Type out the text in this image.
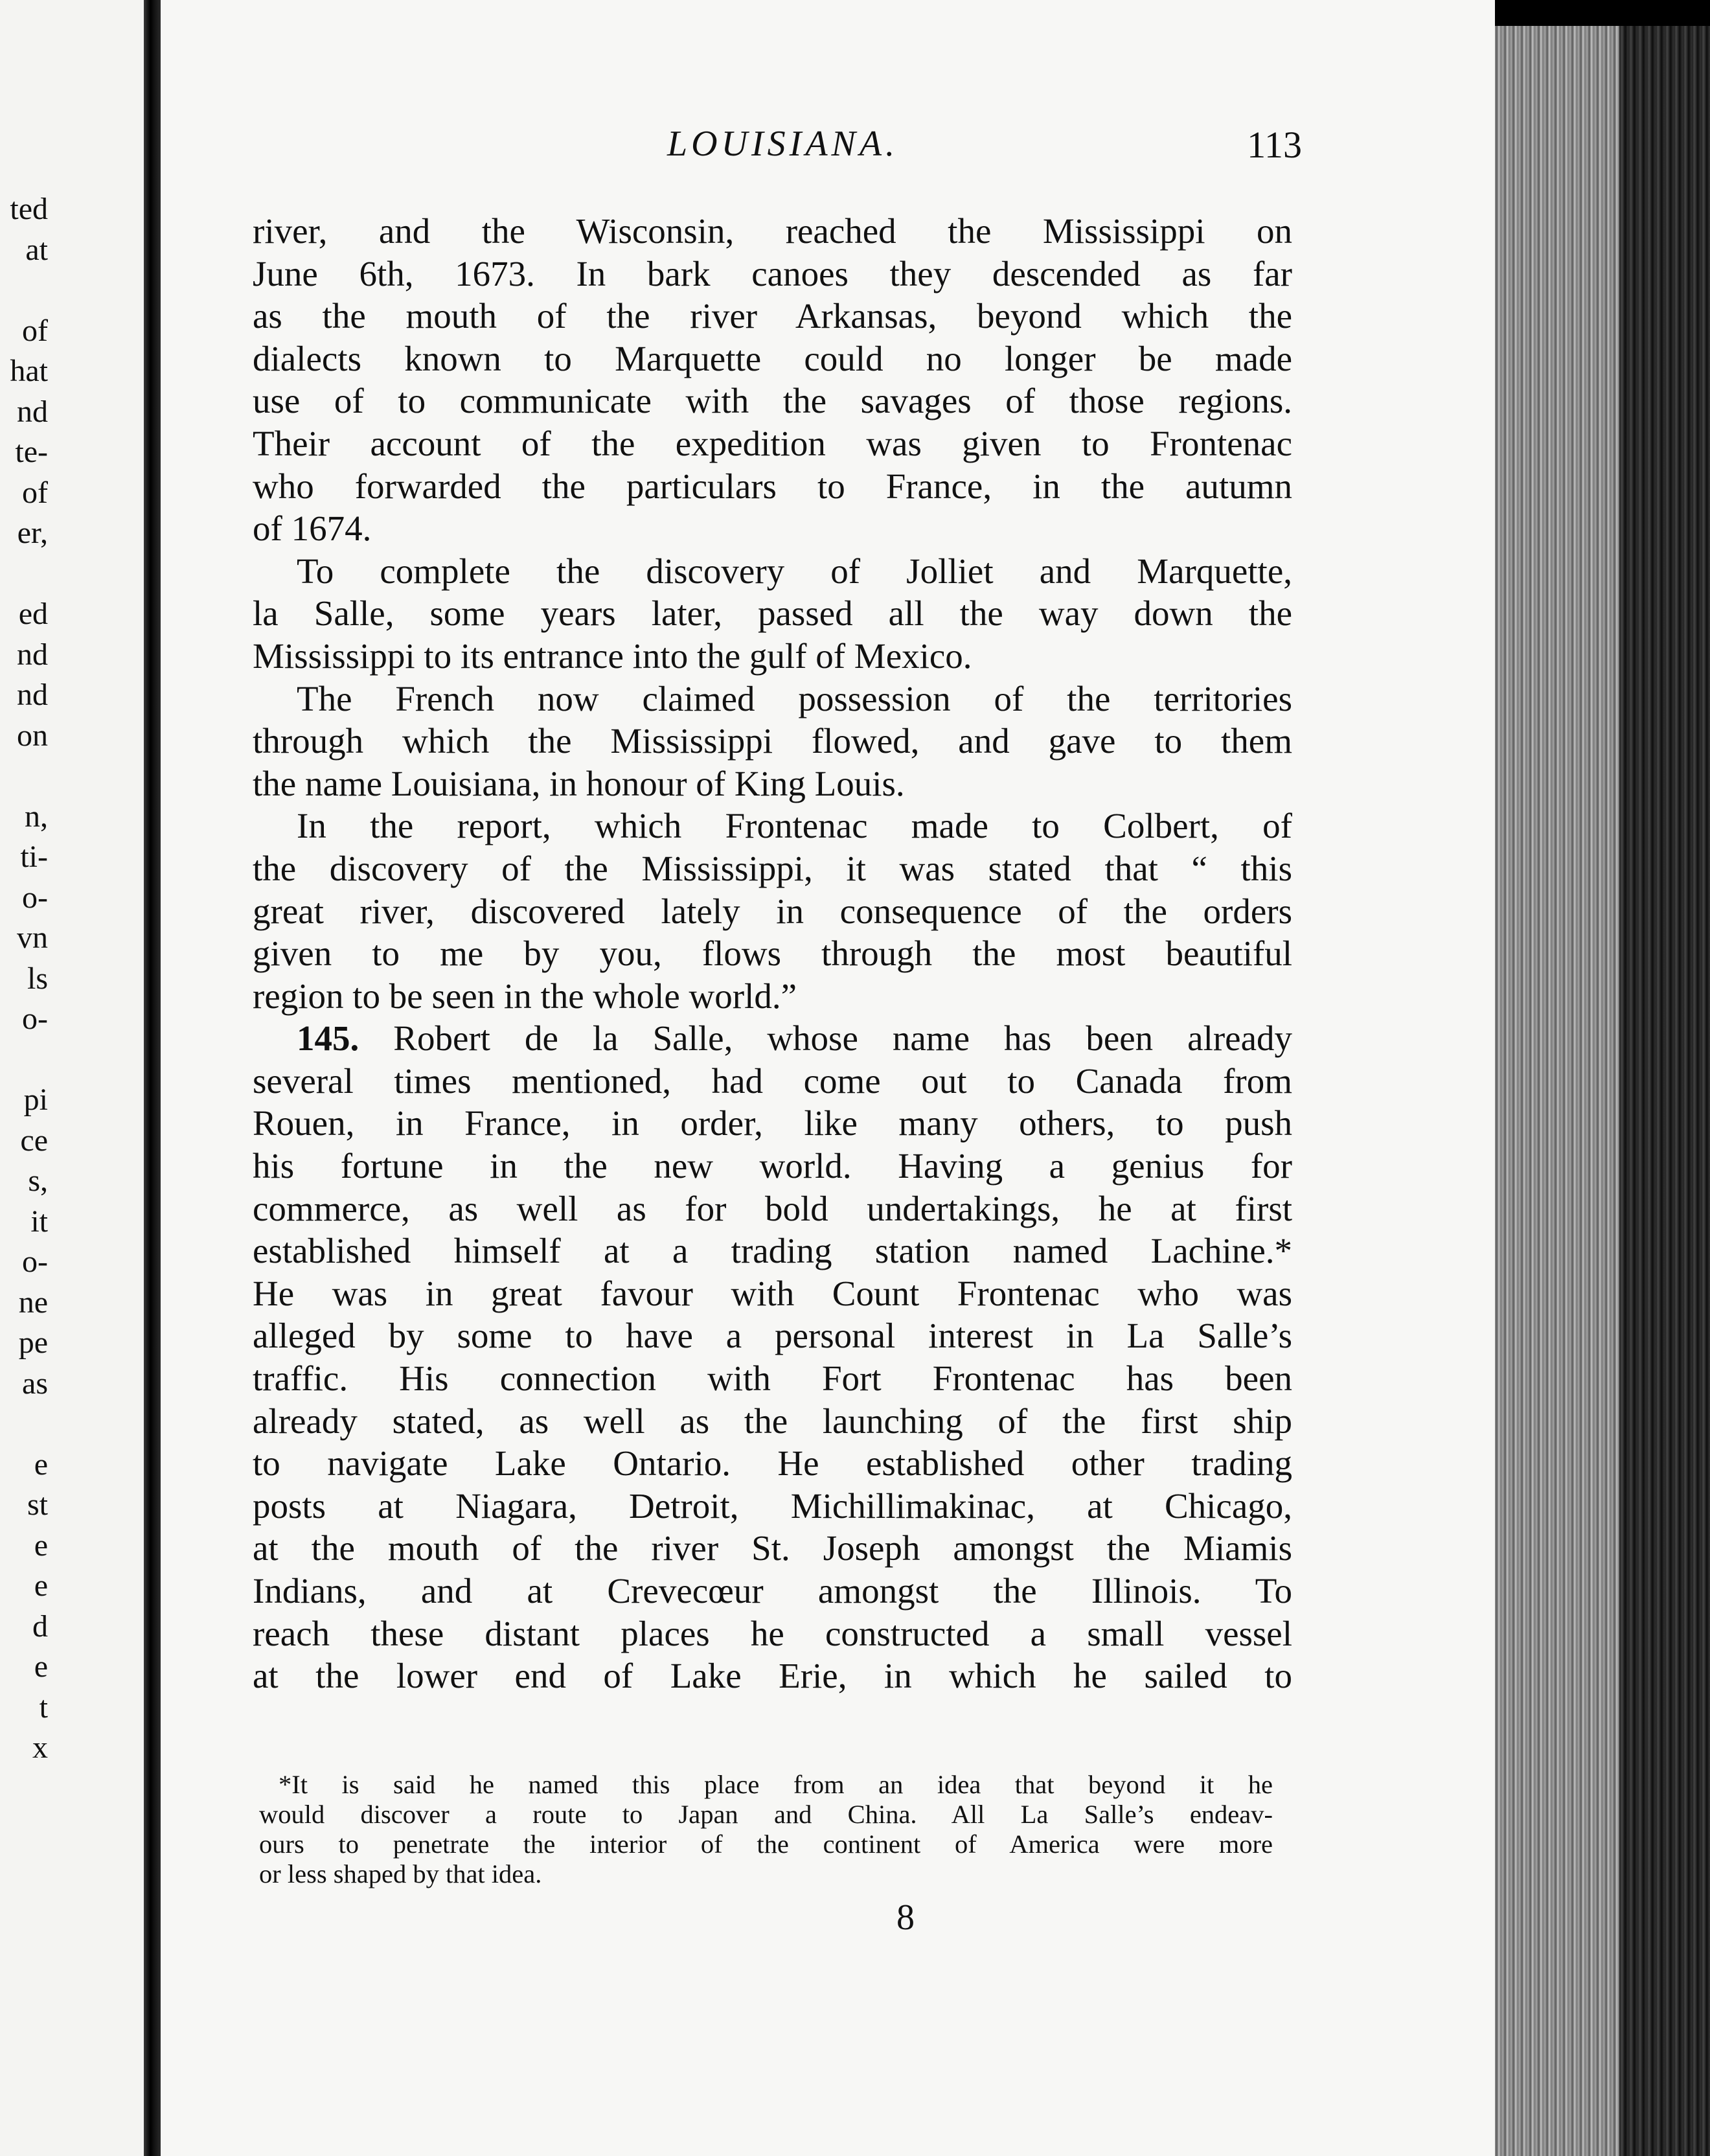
ted
at

of
hat
nd
te-
of
er,

ed
nd
nd
on

n,
ti-
o-
vn
ls
o-

pi
ce
s,
it
o-
ne
pe
as

e
st
e
e
d
e
t
x
LOUISIANA.	113
river, and the Wisconsin, reached the Mississippi on
June 6th, 1673. In bark canoes they descended as far
as the mouth of the river Arkansas, beyond which the
dialects known to Marquette could no longer be made
use of to communicate with the savages of those regions.
Their account of the expedition was given to Frontenac
who forwarded the particulars to France, in the autumn
of 1674.
To complete the discovery of Jolliet and Marquette,
la Salle, some years later, passed all the way down the
Mississippi to its entrance into the gulf of Mexico.
The French now claimed possession of the territories
through which the Mississippi flowed, and gave to them
the name Louisiana, in honour of King Louis.
In the report, which Frontenac made to Colbert, of
the discovery of the Mississippi, it was stated that “ this
great river, discovered lately in consequence of the orders
given to me by you, flows through the most beautiful
region to be seen in the whole world.”
145. Robert de la Salle, whose name has been already
several times mentioned, had come out to Canada from
Rouen, in France, in order, like many others, to push
his fortune in the new world. Having a genius for
commerce, as well as for bold undertakings, he at first
established himself at a trading station named Lachine.*
He was in great favour with Count Frontenac who was
alleged by some to have a personal interest in La Salle’s
traffic. His connection with Fort Frontenac has been
already stated, as well as the launching of the first ship
to navigate Lake Ontario. He established other trading
posts at Niagara, Detroit, Michillimakinac, at Chicago,
at the mouth of the river St. Joseph amongst the Miamis
Indians, and at Crevecœur amongst the Illinois. To
reach these distant places he constructed a small vessel
at the lower end of Lake Erie, in which he sailed to
*It is said he named this place from an idea that beyond it he
would discover a route to Japan and China. All La Salle’s endeav-
ours to penetrate the interior of the continent of America were more
or less shaped by that idea.
8
